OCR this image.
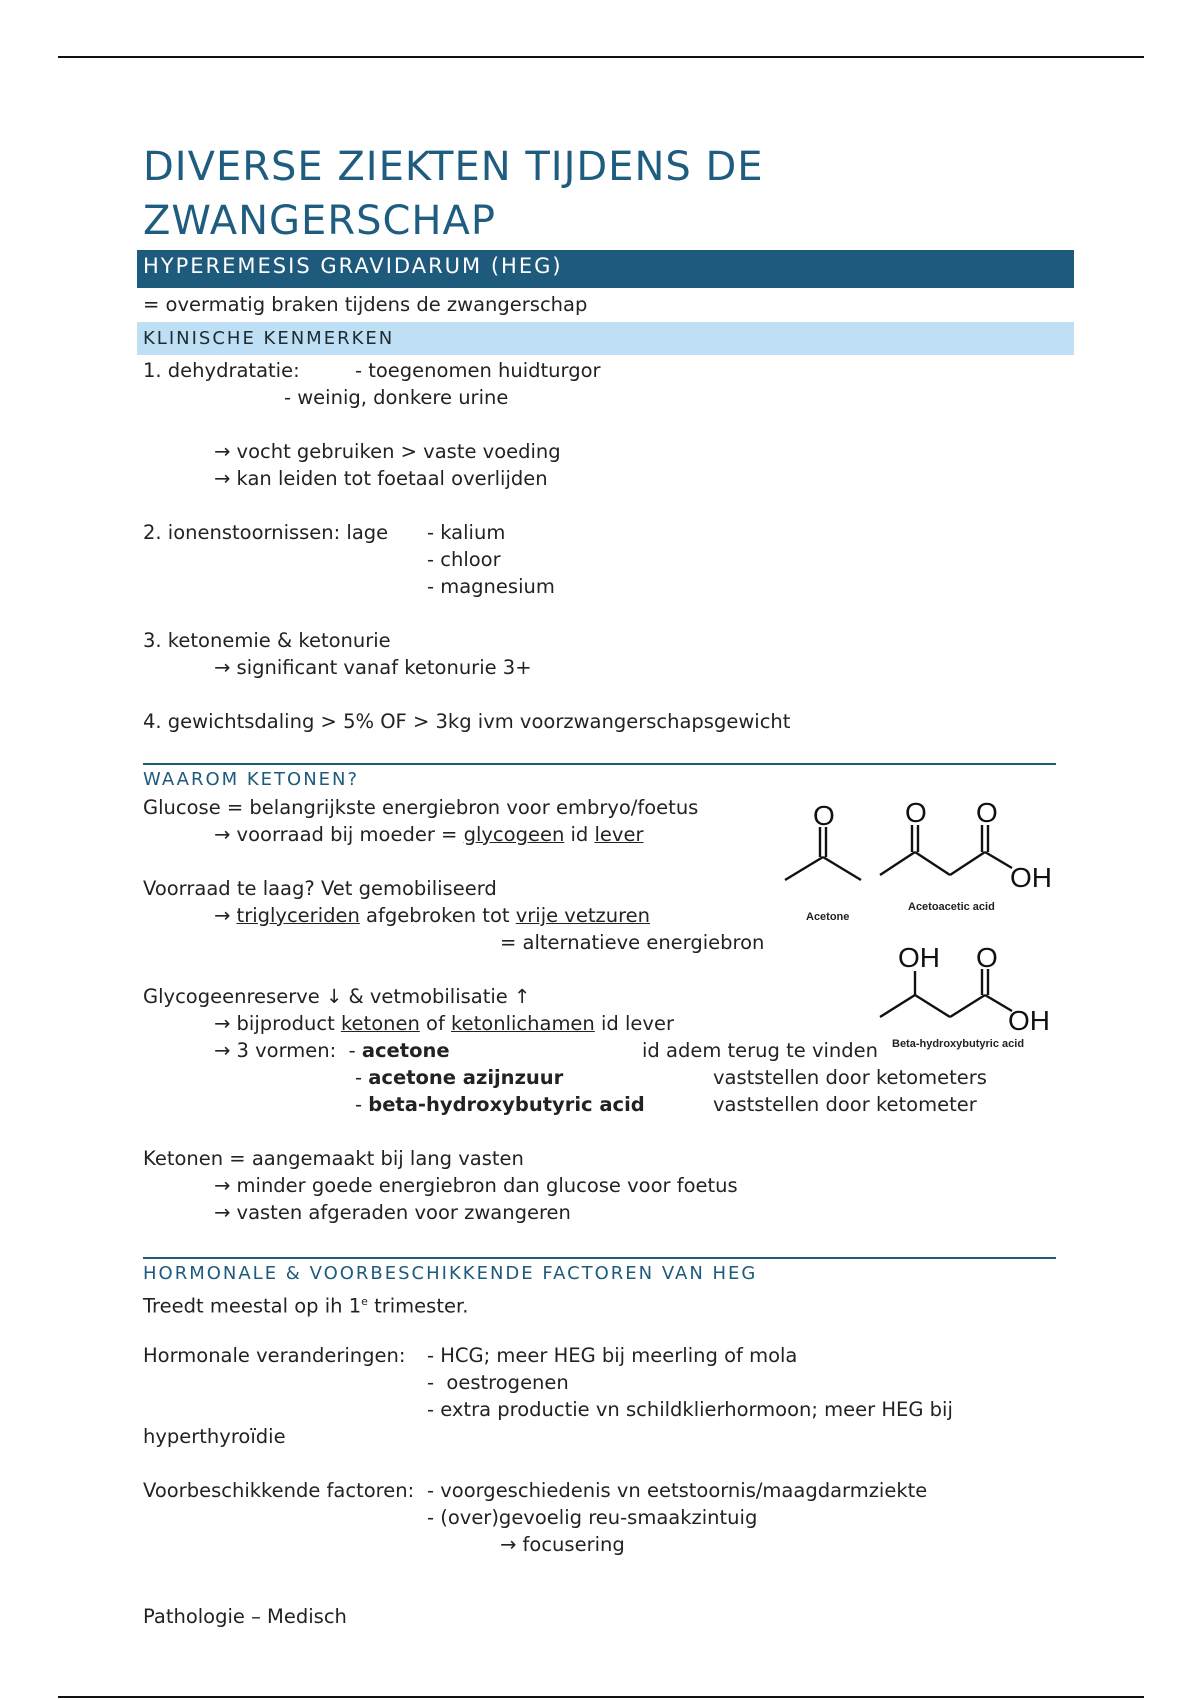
DIVERSE ZIEKTEN TIJDENS DE
ZWANGERSCHAP
HYPEREMESIS GRAVIDARUM (HEG)
= overmatig braken tijdens de zwangerschap
KLINISCHE KENMERKEN
1. dehydratatie:	- toegenomen huidturgor
- weinig, donkere urine
→ vocht gebruiken > vaste voeding
→ kan leiden tot foetaal overlijden
2. ionenstoornissen: lage - kalium
- chloor
- magnesium
3. ketonemie & ketonurie
→ significant vanaf ketonurie 3+
4. gewichtsdaling > 5% OF > 3kg ivm voorzwangerschapsgewicht
WAAROM KETONEN?
Glucose = belangrijkste energiebron voor embryo/foetus
→ voorraad bij moeder = glycogeen id lever
Voorraad te laag? Vet gemobiliseerd
→ triglyceriden afgebroken tot vrije vetzuren
= alternatieve energiebron
Glycogeenreserve ↓ & vetmobilisatie ↑
→ bijproduct ketonen of ketonlichamen id lever
→ 3 vormen:  - acetone	id adem terug te vinden
- acetone azijnzuur	vaststellen door ketometers
- beta-hydroxybutyric acid	vaststellen door ketometer
Ketonen = aangemaakt bij lang vasten
→ minder goede energiebron dan glucose voor foetus
→ vasten afgeraden voor zwangeren
O
Acetone
O O
OH
Acetoacetic acid
OH O
OH
Beta-hydroxybutyric acid
HORMONALE & VOORBESCHIKKENDE FACTOREN VAN HEG
Treedt meestal op ih 1e trimester.
Hormonale veranderingen: - HCG; meer HEG bij meerling of mola
-  oestrogenen
- extra productie vn schildklierhormoon; meer HEG bij
hyperthyroïdie
Voorbeschikkende factoren: - voorgeschiedenis vn eetstoornis/maagdarmziekte
- (over)gevoelig reu-smaakzintuig
→ focusering
Pathologie – Medisch
